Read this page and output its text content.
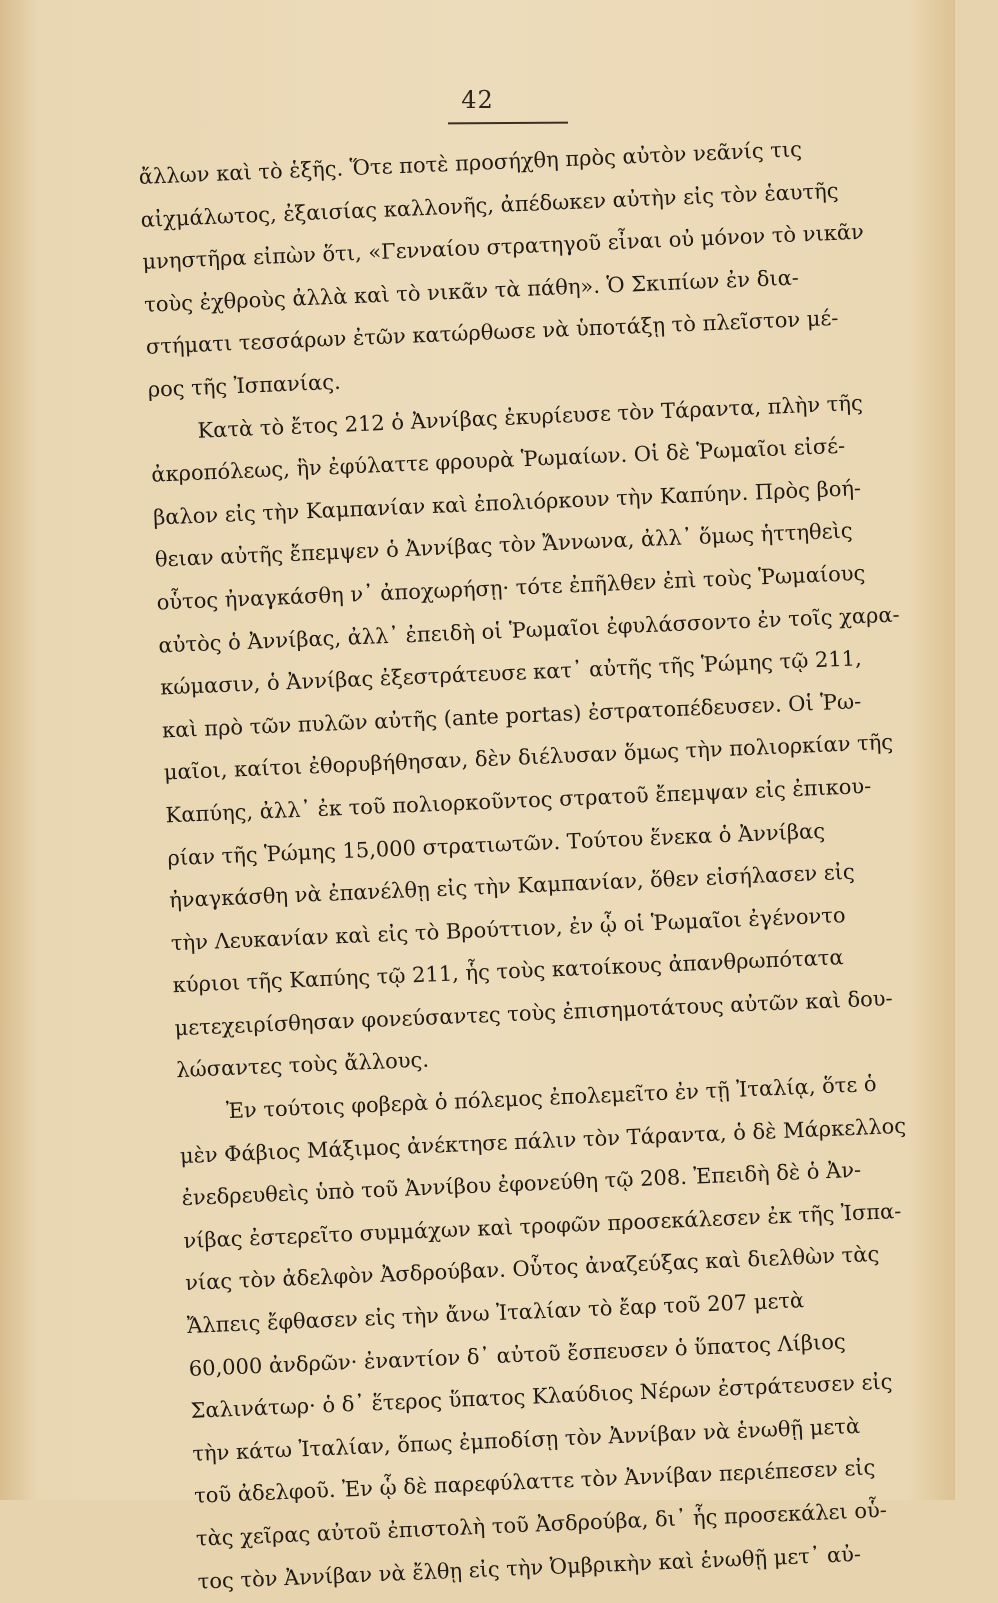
42
ἄλλων καὶ τὸ ἑξῆς. Ὅτε ποτὲ προσήχθη πρὸς αὐτὸν νεᾶνίς τις
αἰχμάλωτος, ἐξαισίας καλλονῆς, ἀπέδωκεν αὐτὴν εἰς τὸν ἑαυτῆς
μνηστῆρα εἰπὼν ὅτι, «Γενναίου στρατηγοῦ εἶναι οὐ μόνον τὸ νικᾶν
τοὺς ἐχθροὺς ἀλλὰ καὶ τὸ νικᾶν τὰ πάθη». Ὁ Σκιπίων ἐν δια-
στήματι τεσσάρων ἐτῶν κατώρθωσε νὰ ὑποτάξῃ τὸ πλεῖστον μέ-
ρος τῆς Ἰσπανίας.
Κατὰ τὸ ἔτος 212 ὁ Ἀννίβας ἐκυρίευσε τὸν Τάραντα, πλὴν τῆς
ἀκροπόλεως, ἣν ἐφύλαττε φρουρὰ Ῥωμαίων. Οἱ δὲ Ῥωμαῖοι εἰσέ-
βαλον εἰς τὴν Καμπανίαν καὶ ἐπολιόρκουν τὴν Καπύην. Πρὸς βοή-
θειαν αὐτῆς ἔπεμψεν ὁ Ἀννίβας τὸν Ἄννωνα, ἀλλ᾽ ὅμως ἡττηθεὶς
οὗτος ἠναγκάσθη ν᾽ ἀποχωρήσῃ· τότε ἐπῆλθεν ἐπὶ τοὺς Ῥωμαίους
αὐτὸς ὁ Ἀννίβας, ἀλλ᾽ ἐπειδὴ οἱ Ῥωμαῖοι ἐφυλάσσοντο ἐν τοῖς χαρα-
κώμασιν, ὁ Ἀννίβας ἐξεστράτευσε κατ᾽ αὐτῆς τῆς Ῥώμης τῷ 211,
καὶ πρὸ τῶν πυλῶν αὐτῆς (ante portas) ἐστρατοπέδευσεν. Οἱ Ῥω-
μαῖοι, καίτοι ἐθορυβήθησαν, δὲν διέλυσαν ὅμως τὴν πολιορκίαν τῆς
Καπύης, ἀλλ᾽ ἐκ τοῦ πολιορκοῦντος στρατοῦ ἔπεμψαν εἰς ἐπικου-
ρίαν τῆς Ῥώμης 15,000 στρατιωτῶν. Τούτου ἕνεκα ὁ Ἀννίβας
ἠναγκάσθη νὰ ἐπανέλθῃ εἰς τὴν Καμπανίαν, ὅθεν εἰσήλασεν εἰς
τὴν Λευκανίαν καὶ εἰς τὸ Βρούττιον, ἐν ᾧ οἱ Ῥωμαῖοι ἐγένοντο
κύριοι τῆς Καπύης τῷ 211, ἧς τοὺς κατοίκους ἀπανθρωπότατα
μετεχειρίσθησαν φονεύσαντες τοὺς ἐπισημοτάτους αὐτῶν καὶ δου-
λώσαντες τοὺς ἄλλους.
Ἐν τούτοις φοβερὰ ὁ πόλεμος ἐπολεμεῖτο ἐν τῇ Ἰταλίᾳ, ὅτε ὁ
μὲν Φάβιος Μάξιμος ἀνέκτησε πάλιν τὸν Τάραντα, ὁ δὲ Μάρκελλος
ἐνεδρευθεὶς ὑπὸ τοῦ Ἀννίβου ἐφονεύθη τῷ 208. Ἐπειδὴ δὲ ὁ Ἀν-
νίβας ἐστερεῖτο συμμάχων καὶ τροφῶν προσεκάλεσεν ἐκ τῆς Ἰσπα-
νίας τὸν ἀδελφὸν Ἀσδρούβαν. Οὗτος ἀναζεύξας καὶ διελθὼν τὰς
Ἄλπεις ἔφθασεν εἰς τὴν ἄνω Ἰταλίαν τὸ ἔαρ τοῦ 207 μετὰ
60,000 ἀνδρῶν· ἐναντίον δ᾽ αὐτοῦ ἔσπευσεν ὁ ὕπατος Λίβιος
Σαλινάτωρ· ὁ δ᾽ ἕτερος ὕπατος Κλαύδιος Νέρων ἐστράτευσεν εἰς
τὴν κάτω Ἰταλίαν, ὅπως ἐμποδίσῃ τὸν Ἀννίβαν νὰ ἑνωθῇ μετὰ
τοῦ ἀδελφοῦ. Ἐν ᾧ δὲ παρεφύλαττε τὸν Ἀννίβαν περιέπεσεν εἰς
τὰς χεῖρας αὐτοῦ ἐπιστολὴ τοῦ Ἀσδρούβα, δι᾽ ἧς προσεκάλει οὗ-
τος τὸν Ἀννίβαν νὰ ἔλθῃ εἰς τὴν Ὀμβρικὴν καὶ ἑνωθῇ μετ᾽ αὐ-
